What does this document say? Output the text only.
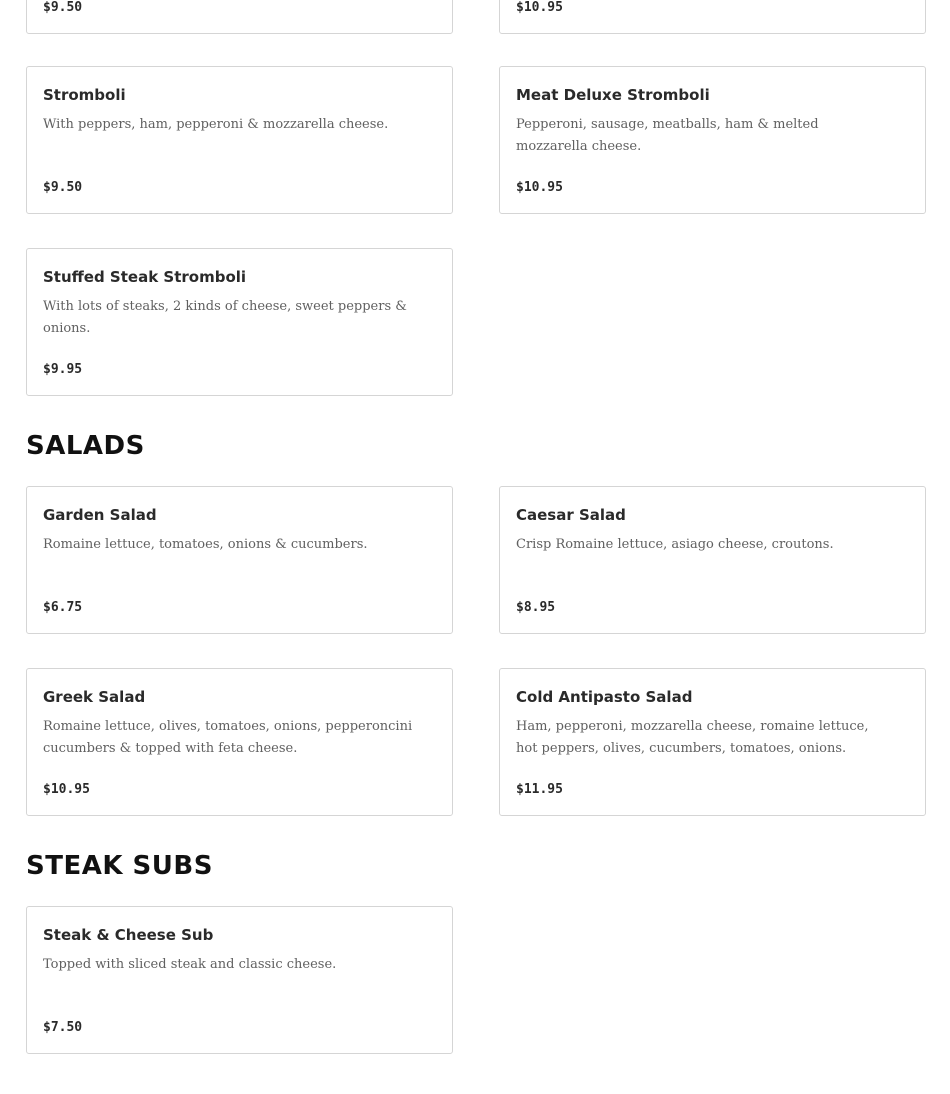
$9.50	$10.95
Stromboli
With peppers, ham, pepperoni & mozzarella cheese.
$9.50
Meat Deluxe Stromboli
Pepperoni, sausage, meatballs, ham & melted mozzarella cheese.
$10.95
Stuffed Steak Stromboli
With lots of steaks, 2 kinds of cheese, sweet peppers & onions.
$9.95
SALADS
Garden Salad
Romaine lettuce, tomatoes, onions & cucumbers.
$6.75
Caesar Salad
Crisp Romaine lettuce, asiago cheese, croutons.
$8.95
Greek Salad
Romaine lettuce, olives, tomatoes, onions, pepperoncini cucumbers & topped with feta cheese.
$10.95
Cold Antipasto Salad
Ham, pepperoni, mozzarella cheese, romaine lettuce, hot peppers, olives, cucumbers, tomatoes, onions.
$11.95
STEAK SUBS
Steak & Cheese Sub
Topped with sliced steak and classic cheese.
$7.50
